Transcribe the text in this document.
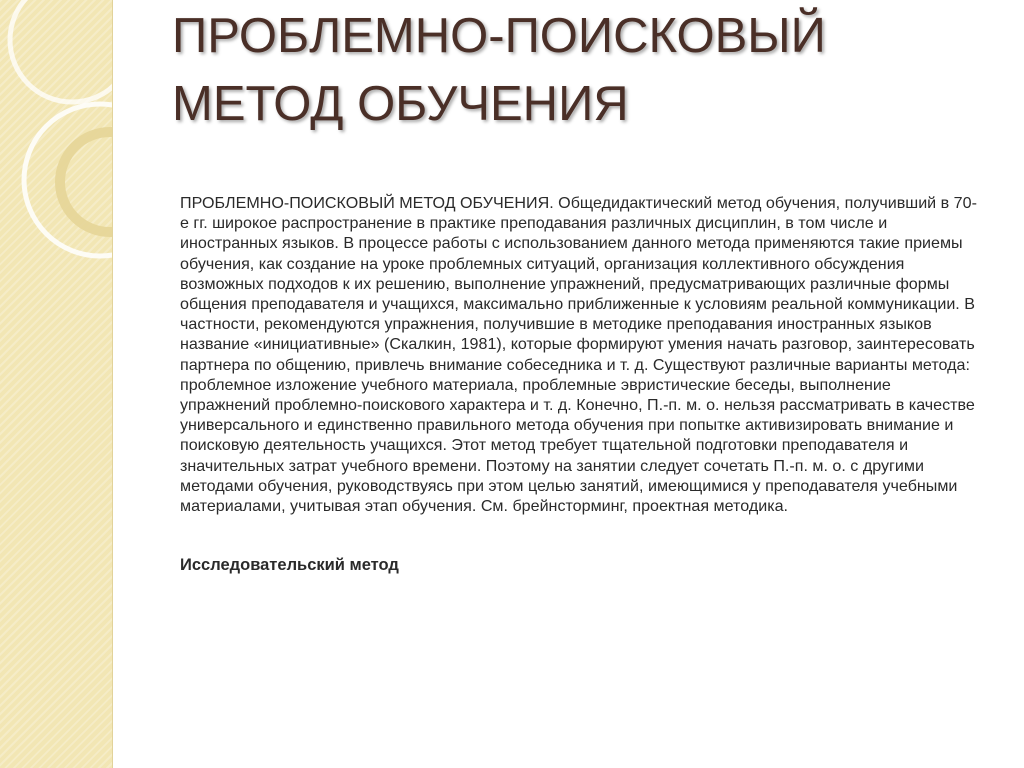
ПРОБЛЕМНО-ПОИСКОВЫЙ
МЕТОД ОБУЧЕНИЯ

ПРОБЛЕМНО-ПОИСКОВЫЙ МЕТОД ОБУЧЕНИЯ. Общедидактический метод обучения, получивший в 70-е гг. широкое распространение в практике преподавания различных дисциплин, в том числе и иностранных языков. В процессе работы с использованием данного метода применяются такие приемы обучения, как создание на уроке проблемных ситуаций, организация коллективного обсуждения возможных подходов к их решению, выполнение упражнений, предусматривающих различные формы общения преподавателя и учащихся, максимально приближенные к условиям реальной коммуникации. В частности, рекомендуются упражнения, получившие в методике преподавания иностранных языков название «инициативные» (Скалкин, 1981), которые формируют умения начать разговор, заинтересовать партнера по общению, привлечь внимание собеседника и т. д. Существуют различные варианты метода: проблемное изложение учебного материала, проблемные эвристические беседы, выполнение упражнений проблемно-поискового характера и т. д. Конечно, П.-п. м. о. нельзя рассматривать в качестве универсального и единственно правильного метода обучения при попытке активизировать внимание и поисковую деятельность учащихся. Этот метод требует тщательной подготовки преподавателя и значительных затрат учебного времени. Поэтому на занятии следует сочетать П.-п. м. о. с другими методами обучения, руководствуясь при этом целью занятий, имеющимися у преподавателя учебными материалами, учитывая этап обучения. См. брейнсторминг, проектная методика.

Исследовательский метод
